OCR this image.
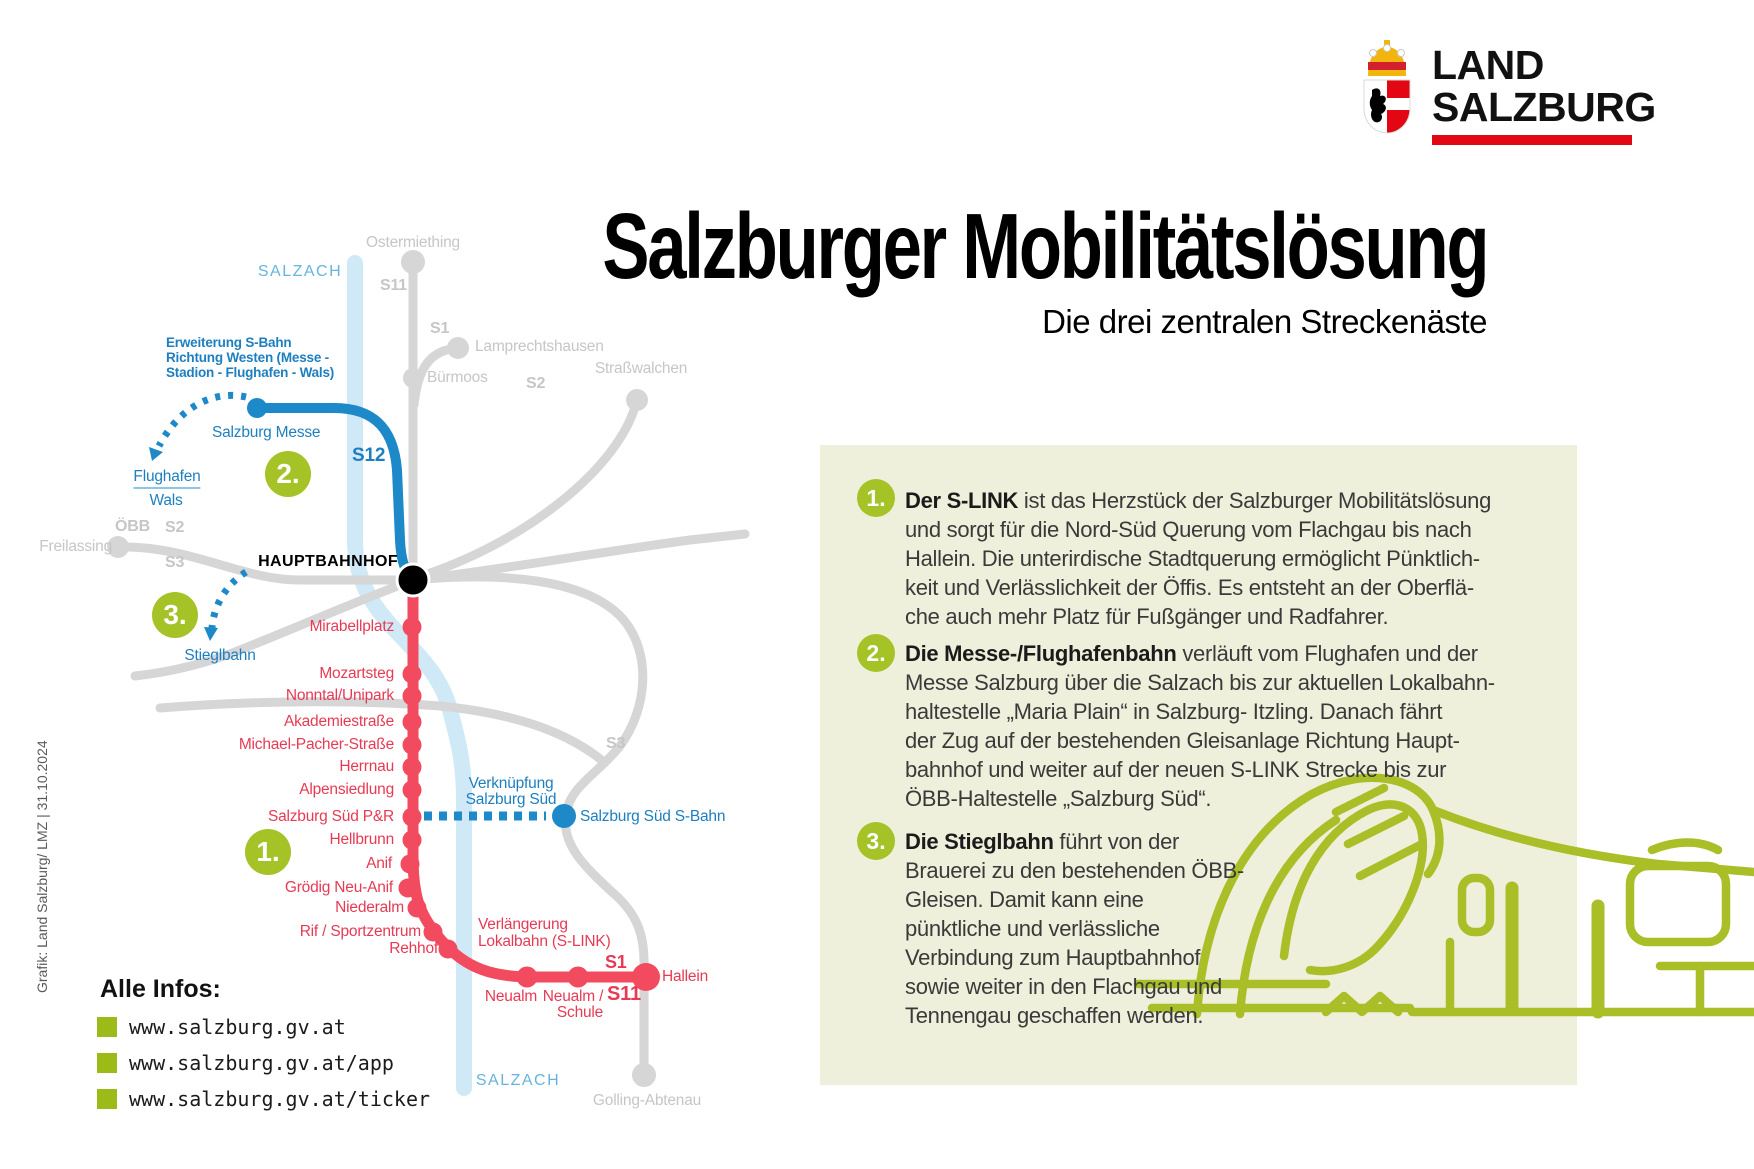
LAND
SALZBURG
Salzburger Mobilitätslösung
Die drei zentralen Streckenäste
SALZACH
SALZACH
Ostermiething
S11
S1
Lamprechtshausen
Bürmoos
Straßwalchen
S2
ÖBB S2
S3
Freilassing
S3
Golling-Abtenau
Erweiterung S-Bahn
Richtung Westen (Messe -
Stadion - Flughafen - Wals)
Salzburg Messe
S12
Flughafen
Wals
Stieglbahn
Verknüpfung
Salzburg Süd
Salzburg Süd S-Bahn
HAUPTBAHNHOF
Mirabellplatz
Mozartsteg
Nonntal/Unipark
Akademiestraße
Michael-Pacher-Straße
Herrnau
Alpensiedlung
Salzburg Süd P&R
Hellbrunn
Anif
Grödig Neu-Anif
Niederalm
Rif / Sportzentrum
Rehhof
Verlängerung
Lokalbahn (S-LINK)
S1
S11
Neualm Neualm /
Schule
Hallein
1.
2.
3.
1. Der S-LINK ist das Herzstück der Salzburger Mobilitätslösung
und sorgt für die Nord-Süd Querung vom Flachgau bis nach
Hallein. Die unterirdische Stadtquerung ermöglicht Pünktlich-
keit und Verlässlichkeit der Öffis. Es entsteht an der Oberflä-
che auch mehr Platz für Fußgänger und Radfahrer.
2. Die Messe-/Flughafenbahn verläuft vom Flughafen und der
Messe Salzburg über die Salzach bis zur aktuellen Lokalbahn-
haltestelle „Maria Plain“ in Salzburg- Itzling. Danach fährt
der Zug auf der bestehenden Gleisanlage Richtung Haupt-
bahnhof und weiter auf der neuen S-LINK Strecke bis zur
ÖBB-Haltestelle „Salzburg Süd“.
3. Die Stieglbahn führt von der
Brauerei zu den bestehenden ÖBB-
Gleisen. Damit kann eine
pünktliche und verlässliche
Verbindung zum Hauptbahnhof
sowie weiter in den Flachgau und
Tennengau geschaffen werden.
Alle Infos:
www.salzburg.gv.at
www.salzburg.gv.at/app
www.salzburg.gv.at/ticker
Grafik: Land Salzburg/ LMZ | 31.10.2024
